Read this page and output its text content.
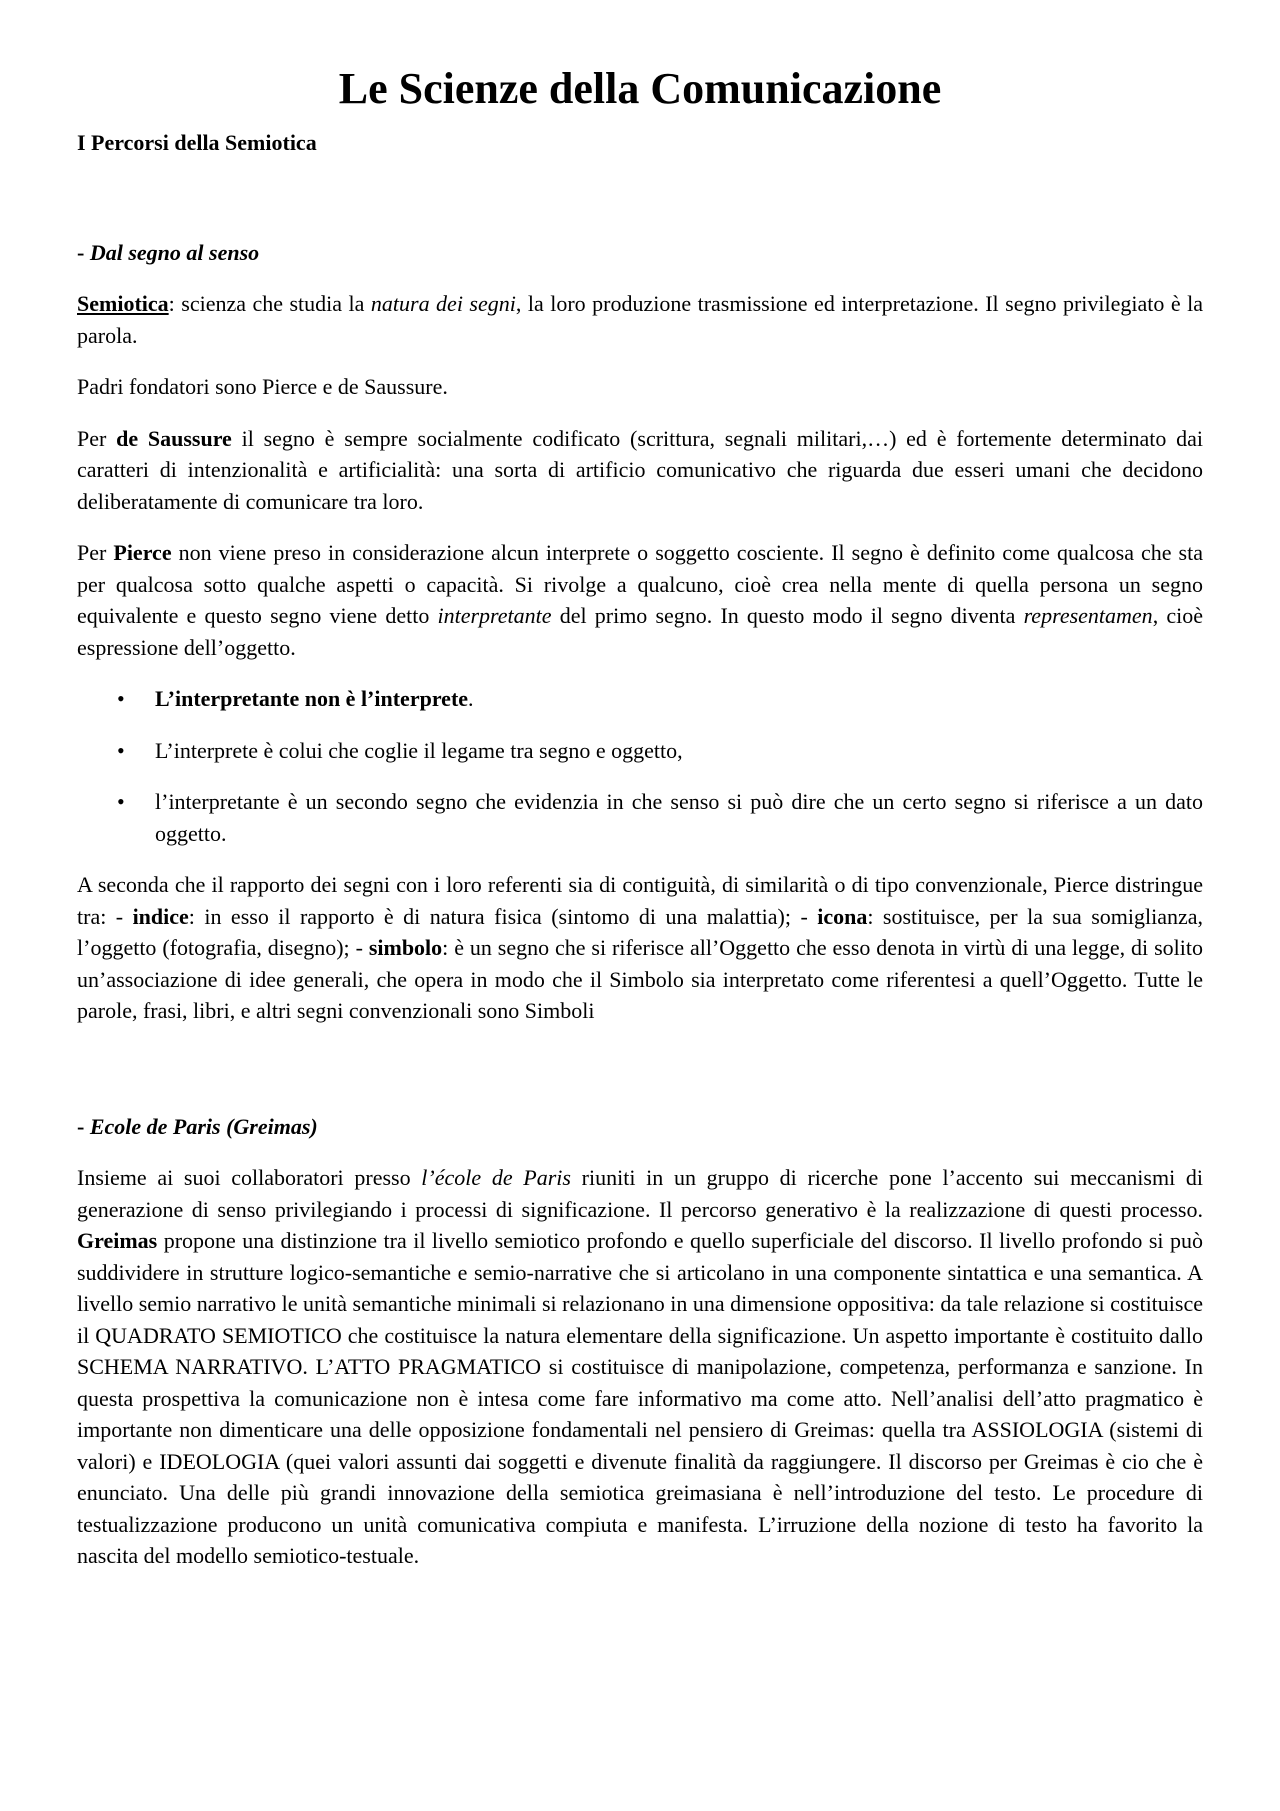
Le Scienze della Comunicazione
I Percorsi della Semiotica
- Dal segno al senso

Semiotica: scienza che studia la natura dei segni, la loro produzione trasmissione ed interpretazione. Il segno privilegiato è la parola.

Padri fondatori sono Pierce e de Saussure.

Per de Saussure il segno è sempre socialmente codificato (scrittura, segnali militari,…) ed è fortemente determinato dai caratteri di intenzionalità e artificialità: una sorta di artificio comunicativo che riguarda due esseri umani che decidono deliberatamente di comunicare tra loro.

Per Pierce non viene preso in considerazione alcun interprete o soggetto cosciente. Il segno è definito come qualcosa che sta per qualcosa sotto qualche aspetti o capacità. Si rivolge a qualcuno, cioè crea nella mente di quella persona un segno equivalente e questo segno viene detto interpretante del primo segno. In questo modo il segno diventa representamen, cioè espressione dell’oggetto.

• L’interpretante non è l’interprete.
• L’interprete è colui che coglie il legame tra segno e oggetto,
• l’interpretante è un secondo segno che evidenzia in che senso si può dire che un certo segno si riferisce a un dato oggetto.

A seconda che il rapporto dei segni con i loro referenti sia di contiguità, di similarità o di tipo convenzionale, Pierce distringue tra: - indice: in esso il rapporto è di natura fisica (sintomo di una malattia); - icona: sostituisce, per la sua somiglianza, l’oggetto (fotografia, disegno); - simbolo: è un segno che si riferisce all’Oggetto che esso denota in virtù di una legge, di solito un’associazione di idee generali, che opera in modo che il Simbolo sia interpretato come riferentesi a quell’Oggetto. Tutte le parole, frasi, libri, e altri segni convenzionali sono Simboli

- Ecole de Paris (Greimas)

Insieme ai suoi collaboratori presso l’école de Paris riuniti in un gruppo di ricerche pone l’accento sui meccanismi di generazione di senso privilegiando i processi di significazione. Il percorso generativo è la realizzazione di questi processo. Greimas propone una distinzione tra il livello semiotico profondo e quello superficiale del discorso. Il livello profondo si può suddividere in strutture logico-semantiche e semio-narrative che si articolano in una componente sintattica e una semantica. A livello semio narrativo le unità semantiche minimali si relazionano in una dimensione oppositiva: da tale relazione si costituisce il QUADRATO SEMIOTICO che costituisce la natura elementare della significazione. Un aspetto importante è costituito dallo SCHEMA NARRATIVO. L’ATTO PRAGMATICO si costituisce di manipolazione, competenza, performanza e sanzione. In questa prospettiva la comunicazione non è intesa come fare informativo ma come atto. Nell’analisi dell’atto pragmatico è importante non dimenticare una delle opposizione fondamentali nel pensiero di Greimas: quella tra ASSIOLOGIA (sistemi di valori) e IDEOLOGIA (quei valori assunti dai soggetti e divenute finalità da raggiungere. Il discorso per Greimas è cio che è enunciato. Una delle più grandi innovazione della semiotica greimasiana è nell’introduzione del testo. Le procedure di testualizzazione producono un unità comunicativa compiuta e manifesta. L’irruzione della nozione di testo ha favorito la nascita del modello semiotico-testuale.
